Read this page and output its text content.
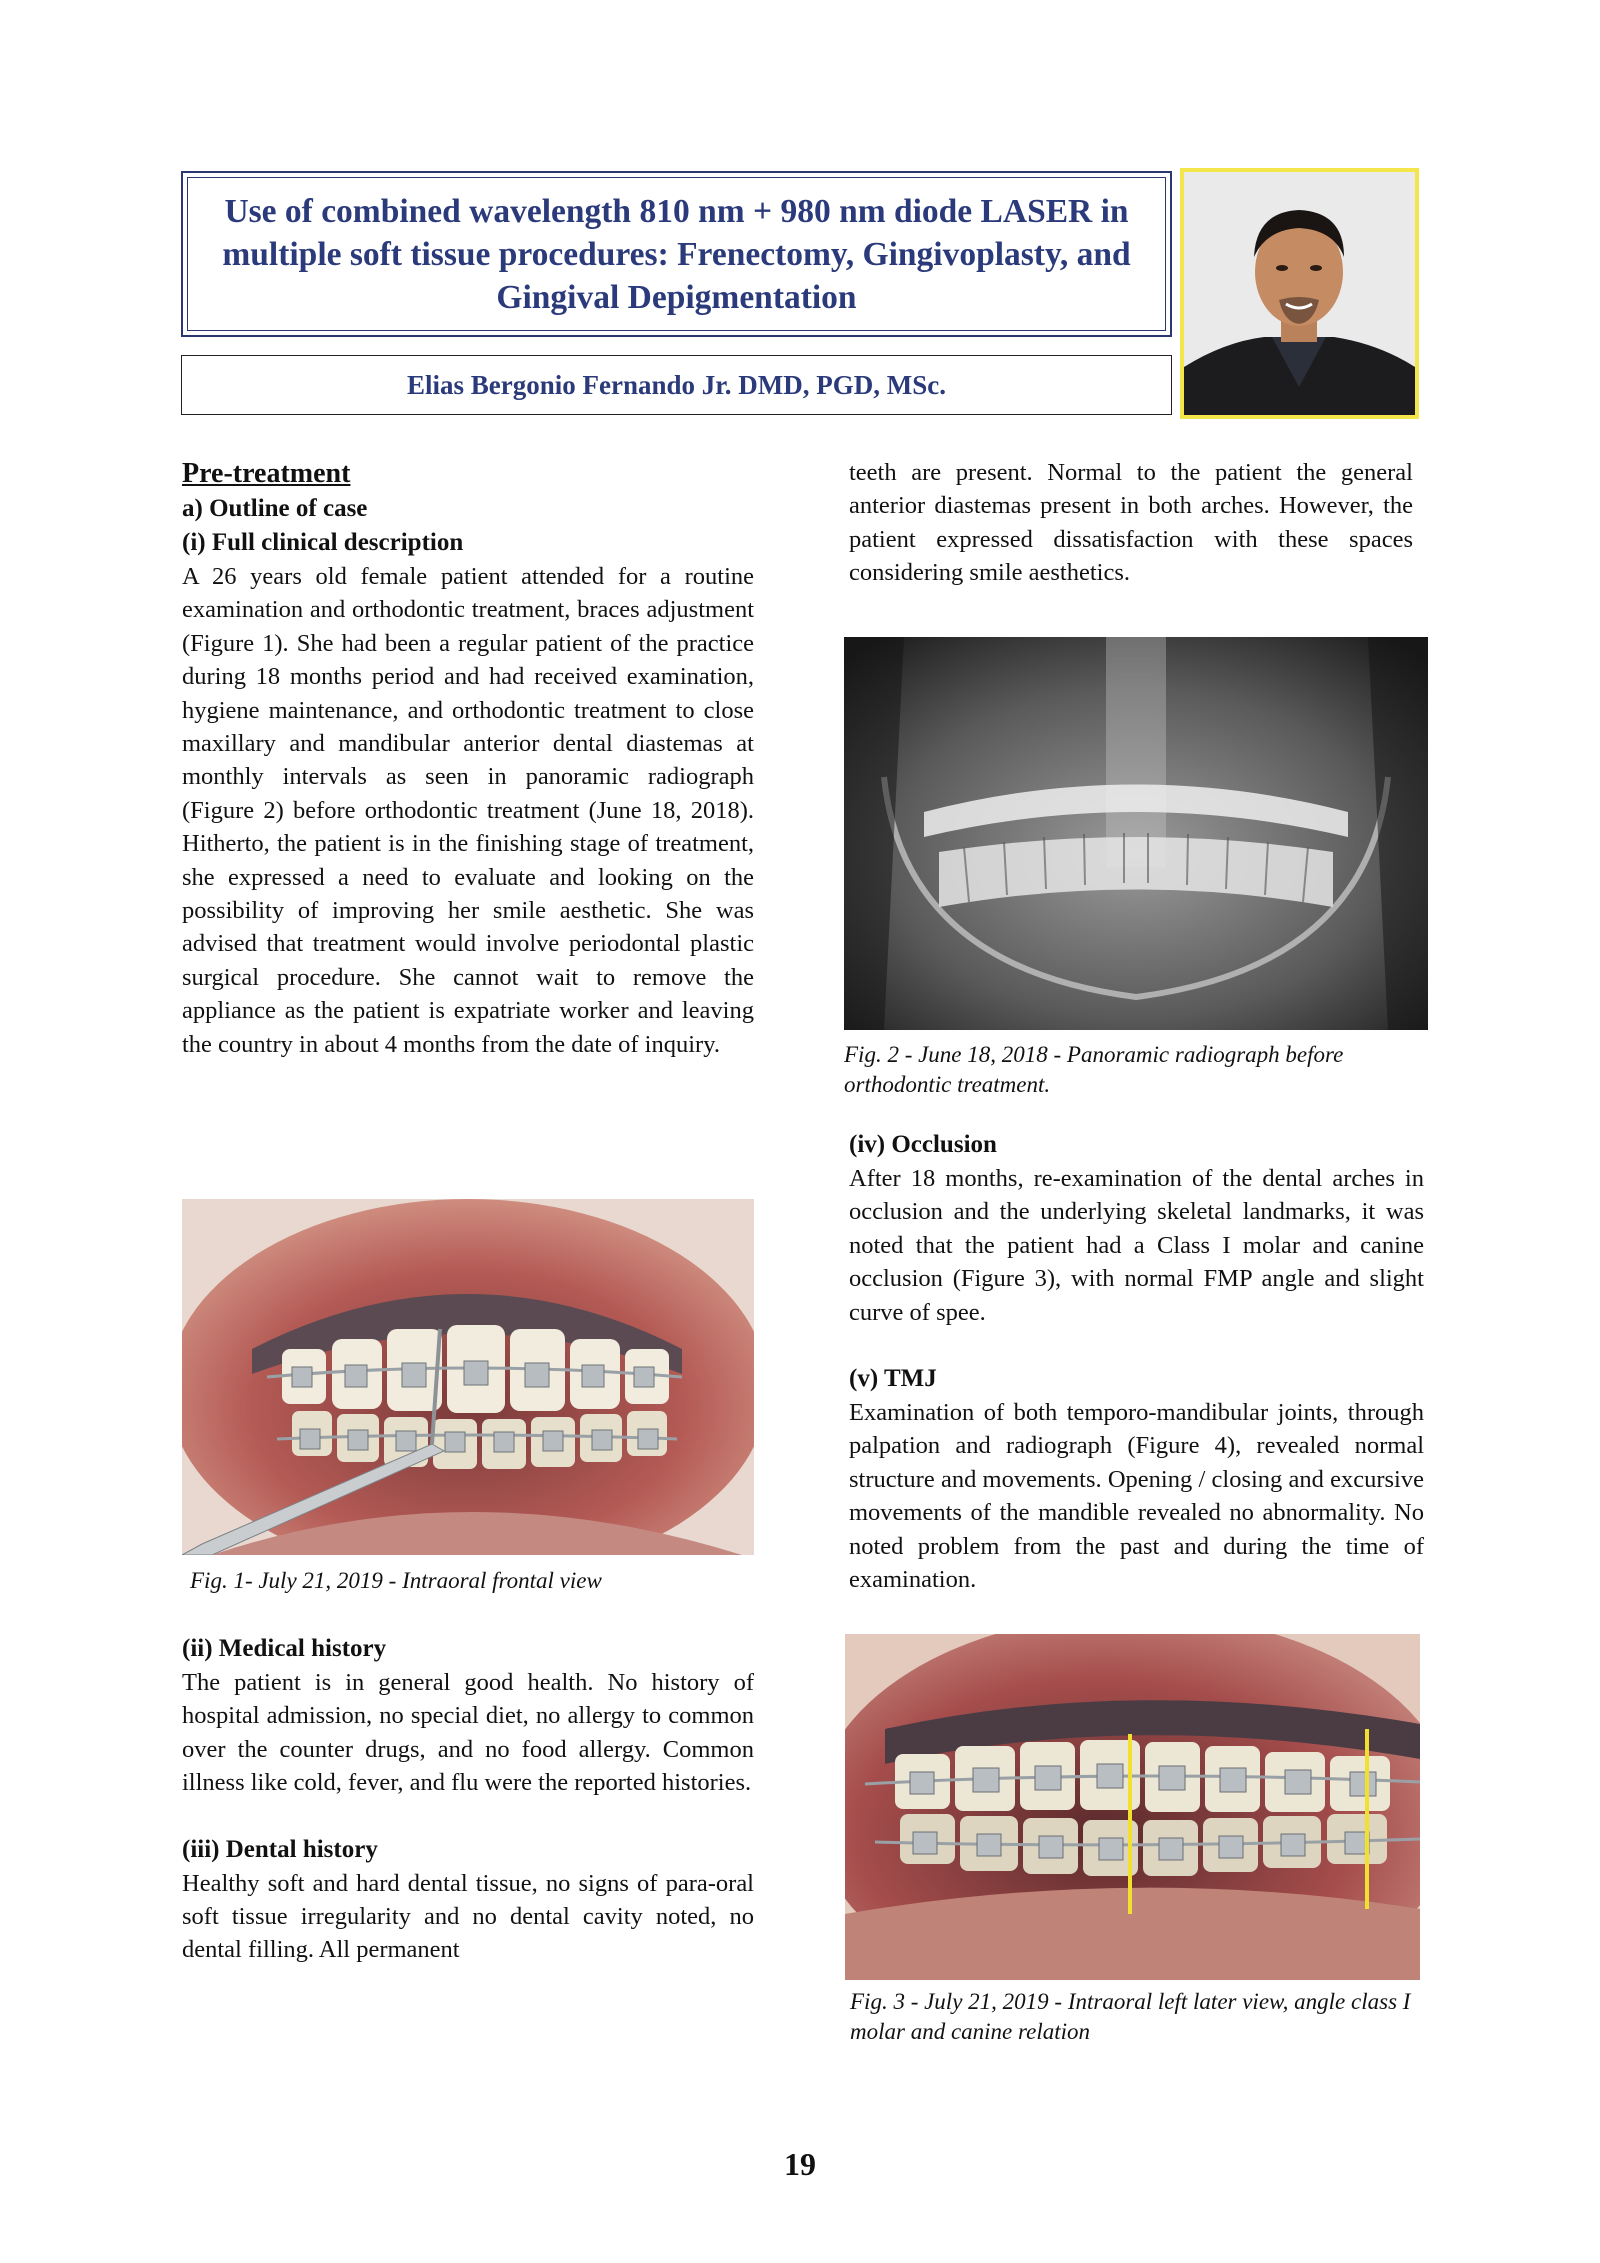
Use of combined wavelength 810 nm + 980 nm diode LASER in multiple soft tissue procedures: Frenectomy, Gingivoplasty, and Gingival Depigmentation
Elias Bergonio Fernando Jr. DMD, PGD, MSc.
Pre-treatment
a) Outline of case
(i) Full clinical description

A 26 years old female patient attended for a routine examination and orthodontic treatment, braces adjustment (Figure 1). She had been a regular patient of the practice during 18 months period and had received examination, hygiene maintenance, and orthodontic treatment to close maxillary and mandibular anterior dental diastemas at monthly intervals as seen in panoramic radiograph (Figure 2) before orthodontic treatment (June 18, 2018). Hitherto, the patient is in the finishing stage of treatment, she expressed a need to evaluate and looking on the possibility of improving her smile aesthetic. She was advised that treatment would involve periodontal plastic surgical procedure. She cannot wait to remove the appliance as the patient is expatriate worker and leaving the country in about 4 months from the date of inquiry.

Fig. 1- July 21, 2019 - Intraoral frontal view
(ii) Medical history

The patient is in general good health. No history of hospital admission, no special diet, no allergy to common over the counter drugs, and no food allergy. Common illness like cold, fever, and flu were the reported histories.

(iii) Dental history

Healthy soft and hard dental tissue, no signs of para-oral soft tissue irregularity and no dental cavity noted, no dental filling. All permanent

teeth are present. Normal to the patient the general anterior diastemas present in both arches. However, the patient expressed dissatisfaction with these spaces considering smile aesthetics.

Fig. 2 - June 18, 2018 - Panoramic radiograph before orthodontic treatment.
(iv) Occlusion

After 18 months, re-examination of the dental arches in occlusion and the underlying skeletal landmarks, it was noted that the patient had a Class I molar and canine occlusion (Figure 3), with normal FMP angle and slight curve of spee.

(v) TMJ

Examination of both temporo-mandibular joints, through palpation and radiograph (Figure 4), revealed normal structure and movements. Opening / closing and excursive movements of the mandible revealed no abnormality. No noted problem from the past and during the time of examination.

Fig. 3 - July 21, 2019 - Intraoral left later view, angle class I molar and canine relation
19
